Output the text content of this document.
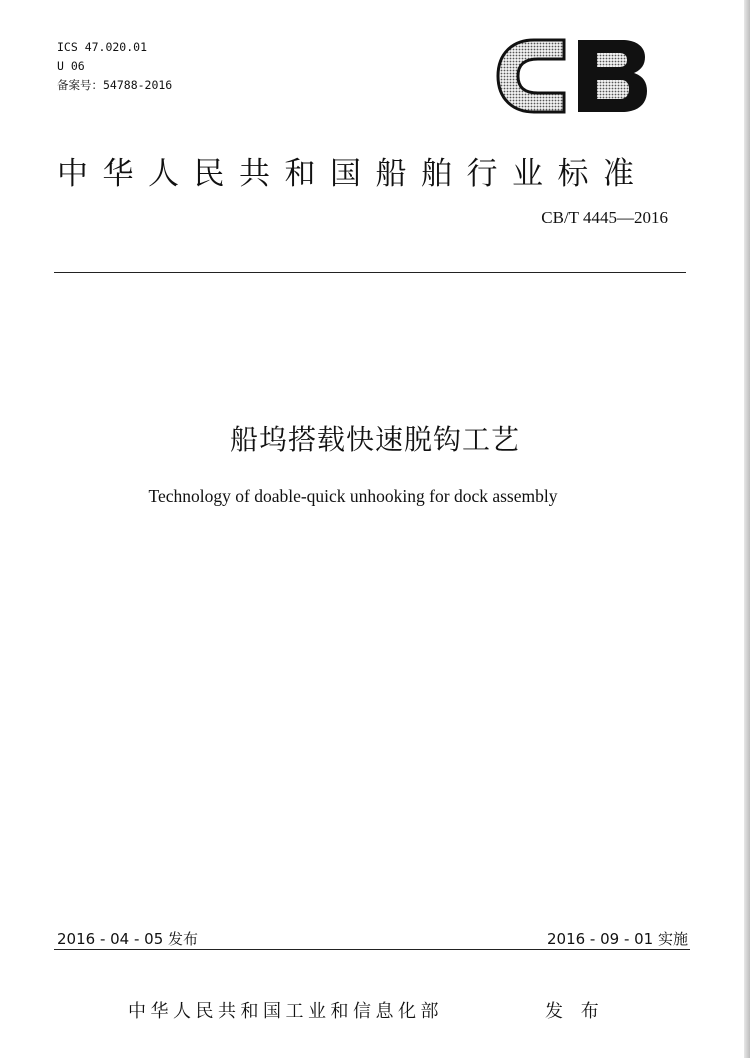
ICS 47.020.01
U 06
备案号：54788-2016
中华人民共和国船舶行业标准
CB/T 4445—2016
船坞搭载快速脱钩工艺
Technology of doable-quick unhooking for dock assembly
2016 - 04 - 05 发布	2016 - 09 - 01 实施
中华人民共和国工业和信息化部	发 布
